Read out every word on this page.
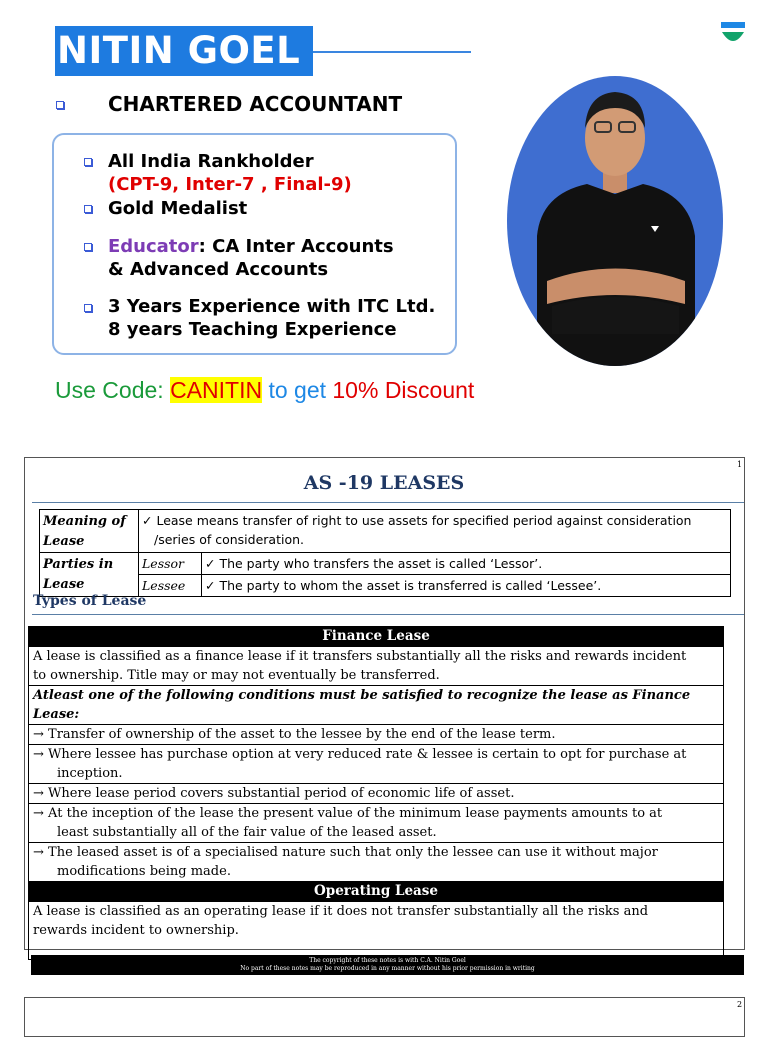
NITIN GOEL
CHARTERED ACCOUNTANT
All India Rankholder
(CPT-9, Inter-7 , Final-9)
Gold Medalist
Educator: CA Inter Accounts
& Advanced Accounts
3 Years Experience with ITC Ltd.
8 years Teaching Experience
Use Code: CANITIN to get 10% Discount
1
AS -19 LEASES
Meaning of Lease	✓ Lease means transfer of right to use assets for specified period against consideration
/series of consideration.	

Parties in Lease	Lessor	✓ The party who transfers the asset is called ‘Lessor’.
	Lessee	✓ The party to whom the asset is transferred is called ‘Lessee’.
Types of Lease
Finance Lease

A lease is classified as a finance lease if it transfers substantially all the risks and rewards incident
to ownership. Title may or may not eventually be transferred.

Atleast one of the following conditions must be satisfied to recognize the lease as Finance Lease:
→ Transfer of ownership of the asset to the lessee by the end of the lease term.

→ Where lessee has purchase option at very reduced rate & lessee is certain to opt for purchase at
inception.

→ Where lease period covers substantial period of economic life of asset.

→ At the inception of the lease the present value of the minimum lease payments amounts to at
least substantially all of the fair value of the leased asset.

→ The leased asset is of a specialised nature such that only the lessee can use it without major
modifications being made.

Operating Lease

A lease is classified as an operating lease if it does not transfer substantially all the risks and
rewards incident to ownership.
The copyright of these notes is with C.A. Nitin Goel
No part of these notes may be reproduced in any manner without his prior permission in writing
2
